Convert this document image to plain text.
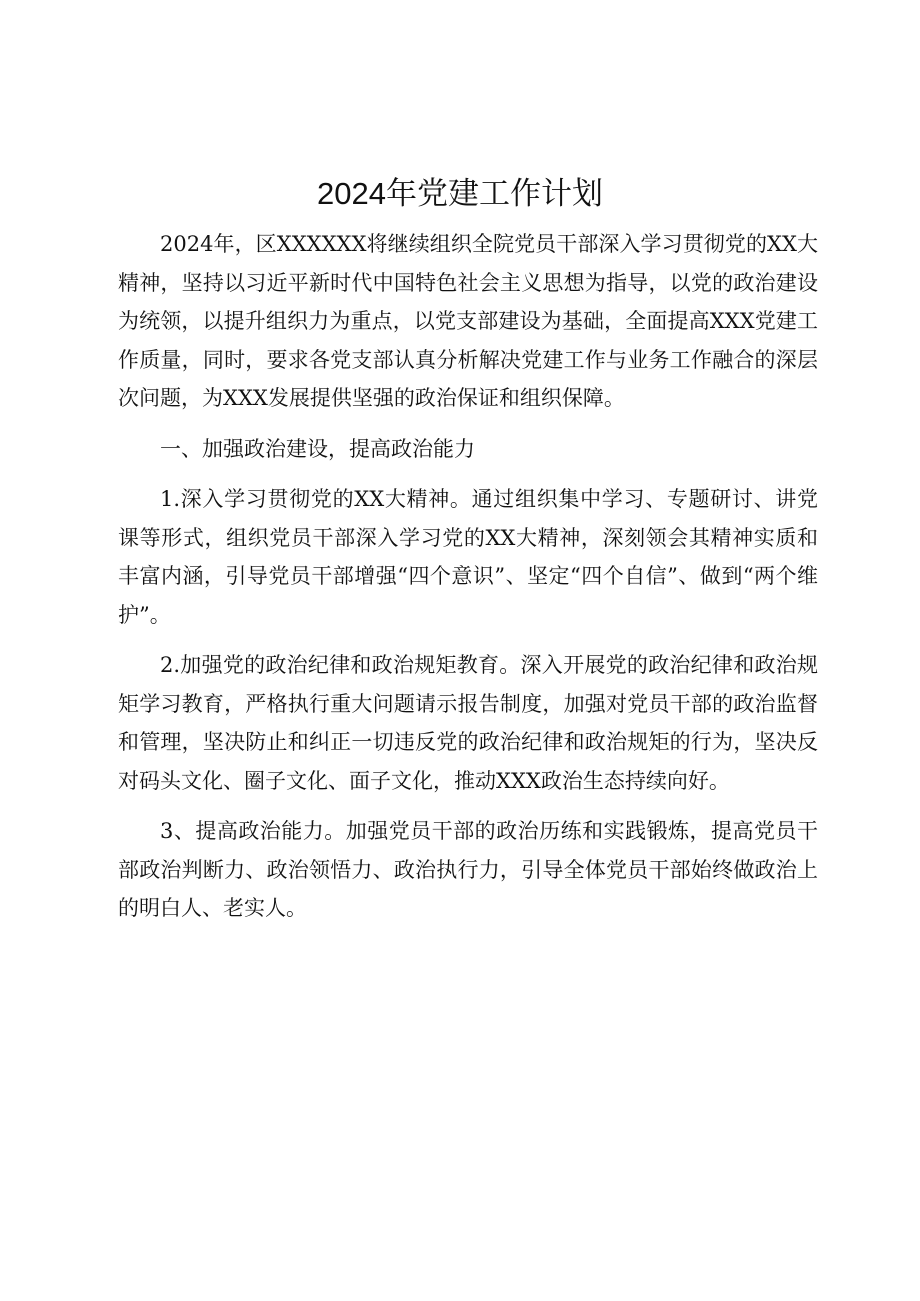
2024年党建工作计划

2024年，区XXXXXX将继续组织全院党员干部深入学习贯彻党的XX大精神，坚持以习近平新时代中国特色社会主义思想为指导，以党的政治建设为统领，以提升组织力为重点，以党支部建设为基础，全面提高XXX党建工作质量，同时，要求各党支部认真分析解决党建工作与业务工作融合的深层次问题，为XXX发展提供坚强的政治保证和组织保障。

一、加强政治建设，提高政治能力

1.深入学习贯彻党的XX大精神。通过组织集中学习、专题研讨、讲党课等形式，组织党员干部深入学习党的XX大精神，深刻领会其精神实质和丰富内涵，引导党员干部增强“四个意识”、坚定“四个自信”、做到“两个维护”。

2.加强党的政治纪律和政治规矩教育。深入开展党的政治纪律和政治规矩学习教育，严格执行重大问题请示报告制度，加强对党员干部的政治监督和管理，坚决防止和纠正一切违反党的政治纪律和政治规矩的行为，坚决反对码头文化、圈子文化、面子文化，推动XXX政治生态持续向好。

3、提高政治能力。加强党员干部的政治历练和实践锻炼，提高党员干部政治判断力、政治领悟力、政治执行力，引导全体党员干部始终做政治上的明白人、老实人。
